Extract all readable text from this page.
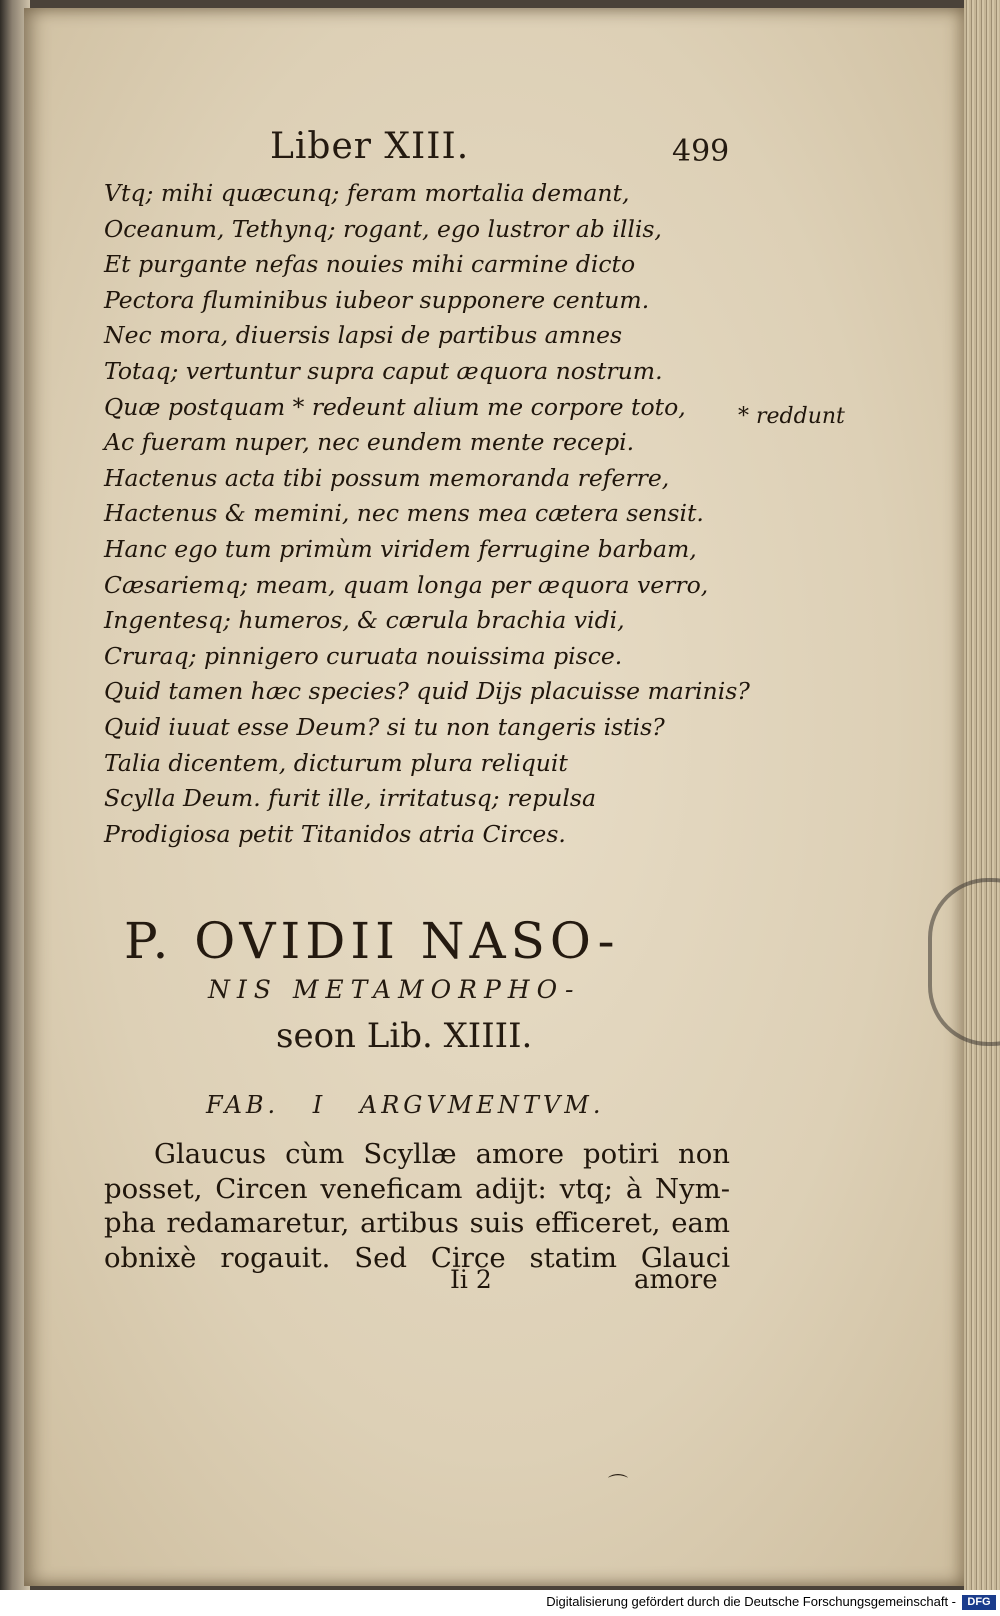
Liber XIII.	499
Vtq; mihi quæcunq; feram mortalia demant,
Oceanum, Tethynq; rogant, ego lustror ab illis,
Et purgante nefas nouies mihi carmine dicto
Pectora fluminibus iubeor supponere centum.
Nec mora, diuersis lapsi de partibus amnes
Totaq; vertuntur supra caput æquora nostrum.
Quæ postquam * redeunt alium me corpore toto,
Ac fueram nuper, nec eundem mente recepi.
Hactenus acta tibi possum memoranda referre,
Hactenus & memini, nec mens mea cætera sensit.
Hanc ego tum primùm viridem ferrugine barbam,
Cæsariemq; meam, quam longa per æquora verro,
Ingentesq; humeros, & cærula brachia vidi,
Cruraq; pinnigero curuata nouissima pisce.
Quid tamen hæc species? quid Dijs placuisse marinis?
Quid iuuat esse Deum? si tu non tangeris istis?
Talia dicentem, dicturum plura reliquit
Scylla Deum. furit ille, irritatusq; repulsa
Prodigiosa petit Titanidos atria Circes.
* reddunt
P. OVIDII NASO-
NIS METAMORPHO-
seon Lib. XIIII.
FAB. I ARGVMENTVM.
Glaucus cùm Scyllæ amore potiri non
posset, Circen veneficam adijt: vtq; à Nym-
pha redamaretur, artibus suis efficeret, eam
obnixè rogauit. Sed Circe statim Glauci
Ii 2	amore
⌒
Digitalisierung gefördert durch die Deutsche Forschungsgemeinschaft -	DFG
